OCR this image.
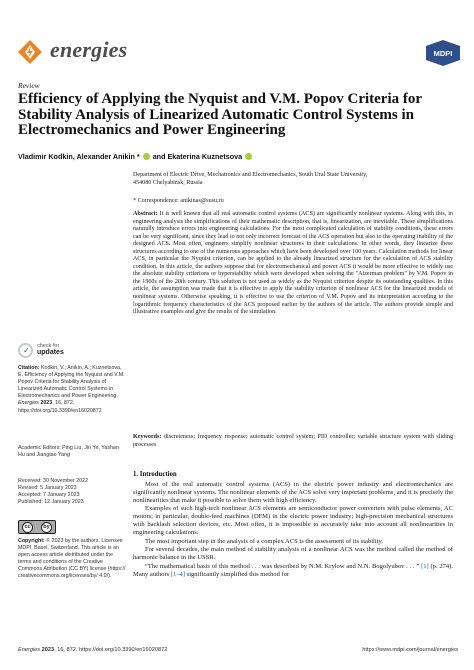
energies	MDPI
Review
Efficiency of Applying the Nyquist and V.M. Popov Criteria for Stability Analysis of Linearized Automatic Control Systems in Electromechanics and Power Engineering
Vladimir Kodkin, Alexander Anikin * and Ekaterina Kuznetsova
Department of Electric Drive, Mechatronics and Electromechanics, South Ural State University,
454080 Chelyabinsk, Russia
* Correspondence: anikinas@susu.ru
Abstract: It is well known that all real automatic control systems (ACS) are significantly nonlinear systems. Along with this, in engineering analysis the simplifications of their mathematic description, that is, linearization, are inevitable. These simplifications naturally introduce errors into engineering calculations. For the most complicated calculation of stability conditions, these errors can be very significant, since they lead to not only incorrect forecast of the ACS operation but also to the operating inability of the designed ACS. Most often, engineers simplify nonlinear structures in their calculations. In other words, they linearize these structures according to one of the numerous approaches which have been developed over 100 years. Calculation methods for linear ACS, in particular the Nyquist criterion, can be applied to the already linearized structure for the calculation of ACS stability condition. In this article, the authors suppose that for electromechanical and power ACS it would be more effective to widely use the absolute stability criterions or hyperstability which were developed when solving the "Aizerman problem" by V.M. Popov in the 1960s of the 20th century. This solution is not used as widely as the Nyquist criterion despite its outstanding qualities. In this article, the assumption was made that it is effective to apply the stability criterion of nonlinear ACS for the linearized models of nonlinear systems. Otherwise speaking, it is effective to use the criterion of V.M. Popov and its interpretation according to the logarithmic frequency characteristics of the ACS proposed earlier by the authors of the article. The authors provide simple and illustrative examples and give the results of the simulation.
Keywords: discreteness; frequency response; automatic control system; PID controller; variable structure system with sliding processes
1. Introduction

Most of the real automatic control systems (ACS) in the electric power industry and electromechanics are significantly nonlinear systems. The nonlinear elements of the ACS solve very important problems, and it is precisely the nonlinearities that make it possible to solve them with high efficiency.

Examples of such high-tech nonlinear ACS elements are semiconductor power converters with pulse elements, AC motors; in particular, double-feed machines (DFM) in the electric power industry; high-precision mechanical structures with backlash selection devices, etc. Most often, it is impossible to accurately take into account all nonlinearities in engineering calculations.

The most important step in the analysis of a complex ACS is the assessment of its stability.

For several decades, the main method of stability analysis of a nonlinear ACS was the method called the method of harmonic balance in the USSR.

“The mathematical basis of this method . . . was described by N.M. Krylow and N.N. Bogolyubov . . . ” [1] (p. 274). Many authors [1–4] significantly simplified this method for

✓ check for
updates
Citation: Kodkin, V.; Anikin, A.; Kuznetsova, E. Efficiency of Applying the Nyquist and V.M. Popov Criteria for Stability Analysis of Linearized Automatic Control Systems in Electromechanics and Power Engineering. Energies 2023, 16, 872. https://doi.org/10.3390/en16020872
Academic Editors: Ping Liu, Jin Ye, Yashan Hu and Jiangtao Yang
Received: 30 November 2022
Revised: 5 January 2023
Accepted: 7 January 2023
Published: 12 January 2023
cc	by
Copyright: © 2023 by the authors. Licensee MDPI, Basel, Switzerland. This article is an open access article distributed under the terms and conditions of the Creative Commons Attribution (CC BY) license (https:// creativecommons.org/licenses/by/ 4.0/).
Energies 2023, 16, 872. https://doi.org/10.3390/en16020872	https://www.mdpi.com/journal/energies
